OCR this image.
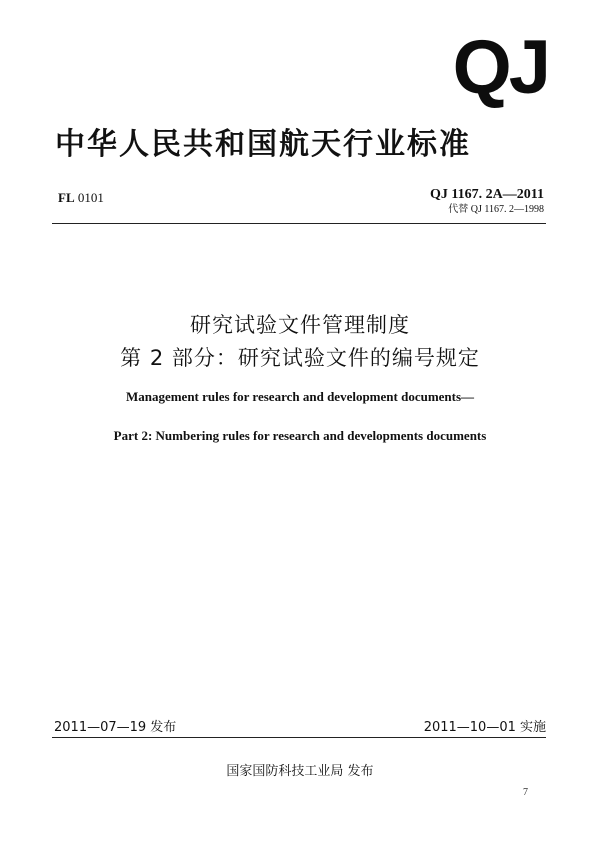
QJ
中华人民共和国航天行业标准
FL 0101	QJ 1167. 2A—2011
代替 QJ 1167. 2—1998
研究试验文件管理制度
第 2 部分：研究试验文件的编号规定
Management rules for research and development documents—
Part 2: Numbering rules for research and developments documents
2011—07—19 发布	2011—10—01 实施
国家国防科技工业局 发布
7
